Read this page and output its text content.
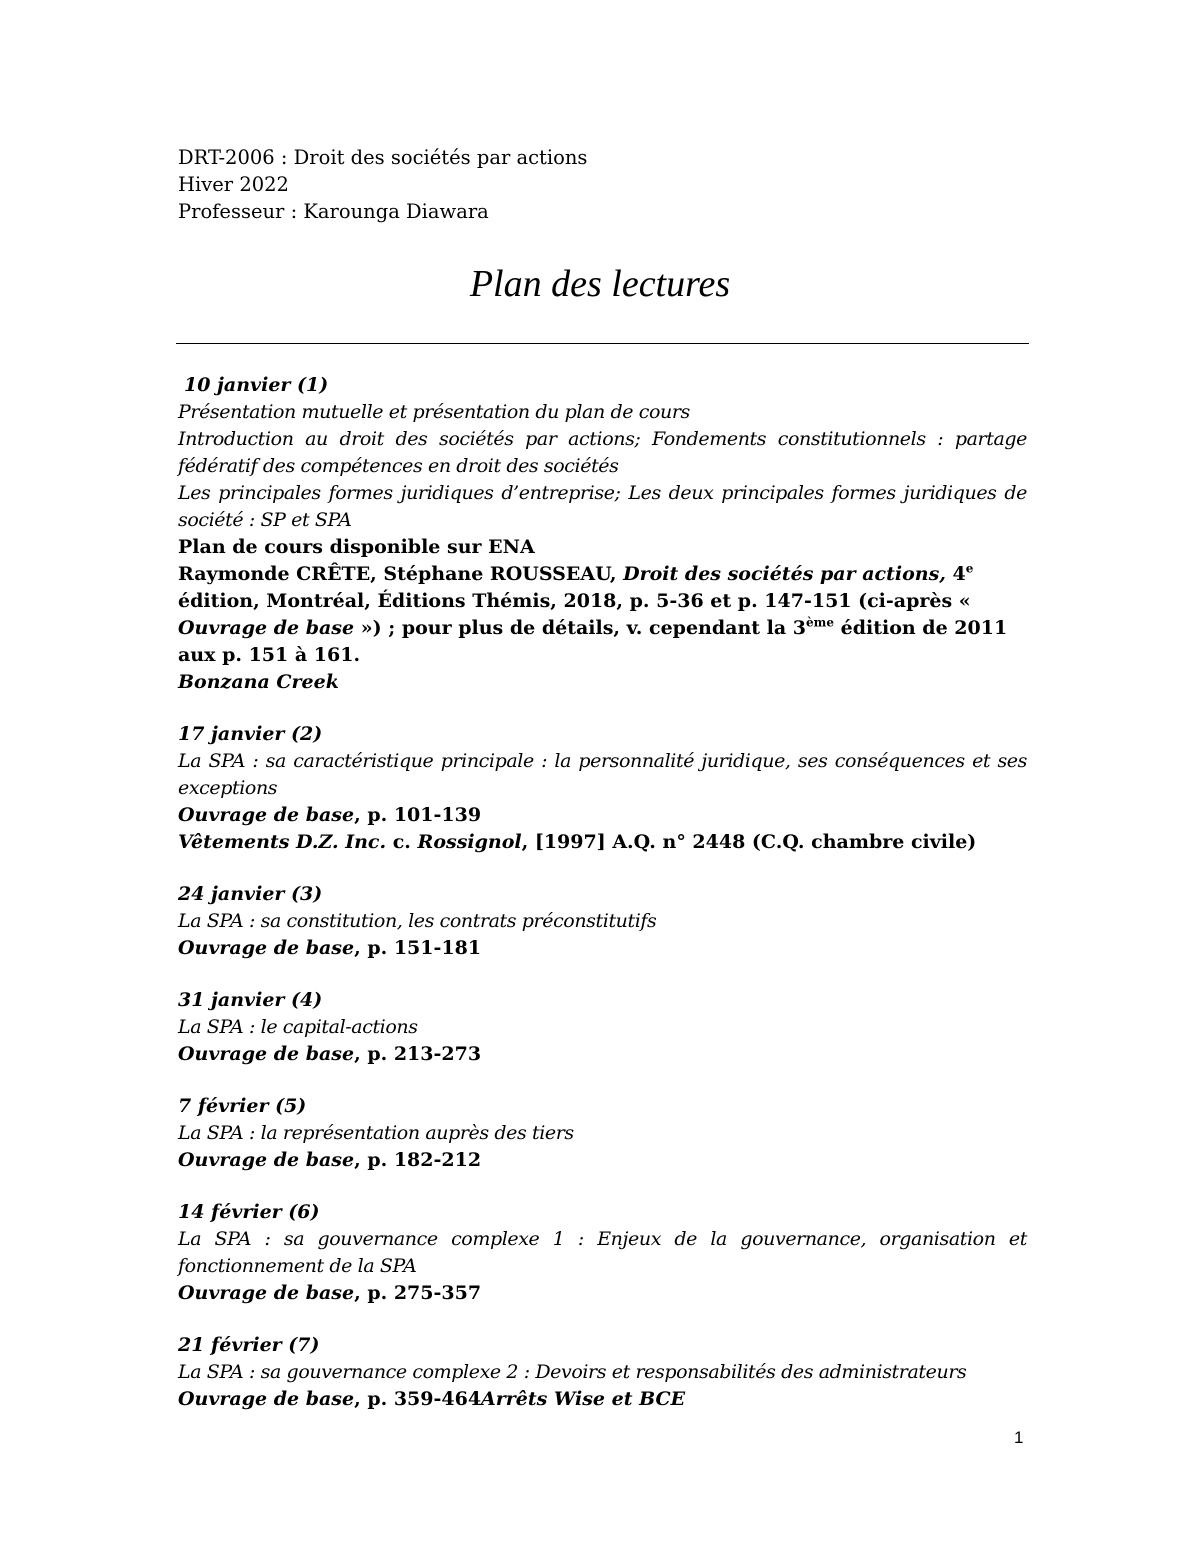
DRT-2006 : Droit des sociétés par actions
Hiver 2022
Professeur : Karounga Diawara
Plan des lectures
10 janvier (1)
Présentation mutuelle et présentation du plan de cours
Introduction au droit des sociétés par actions; Fondements constitutionnels : partage fédératif des compétences en droit des sociétés
Les principales formes juridiques d’entreprise; Les deux principales formes juridiques de société : SP et SPA
Plan de cours disponible sur ENA
Raymonde CRÊTE, Stéphane ROUSSEAU, Droit des sociétés par actions, 4e édition, Montréal, Éditions Thémis, 2018, p. 5-36 et p. 147-151 (ci-après « Ouvrage de base ») ; pour plus de détails, v. cependant la 3ème édition de 2011 aux p. 151 à 161.
Bonzana Creek
17 janvier (2)
La SPA : sa caractéristique principale : la personnalité juridique, ses conséquences et ses exceptions
Ouvrage de base, p. 101-139
Vêtements D.Z. Inc. c. Rossignol, [1997] A.Q. n° 2448 (C.Q. chambre civile)
24 janvier (3)
La SPA : sa constitution, les contrats préconstitutifs
Ouvrage de base, p. 151-181
31 janvier (4)
La SPA : le capital-actions
Ouvrage de base, p. 213-273
7 février (5)
La SPA : la représentation auprès des tiers
Ouvrage de base, p. 182-212
14 février (6)
La SPA : sa gouvernance complexe 1 : Enjeux de la gouvernance, organisation et fonctionnement de la SPA
Ouvrage de base, p. 275-357
21 février (7)
La SPA : sa gouvernance complexe 2 : Devoirs et responsabilités des administrateurs
Ouvrage de base, p. 359-464Arrêts Wise et BCE
1
